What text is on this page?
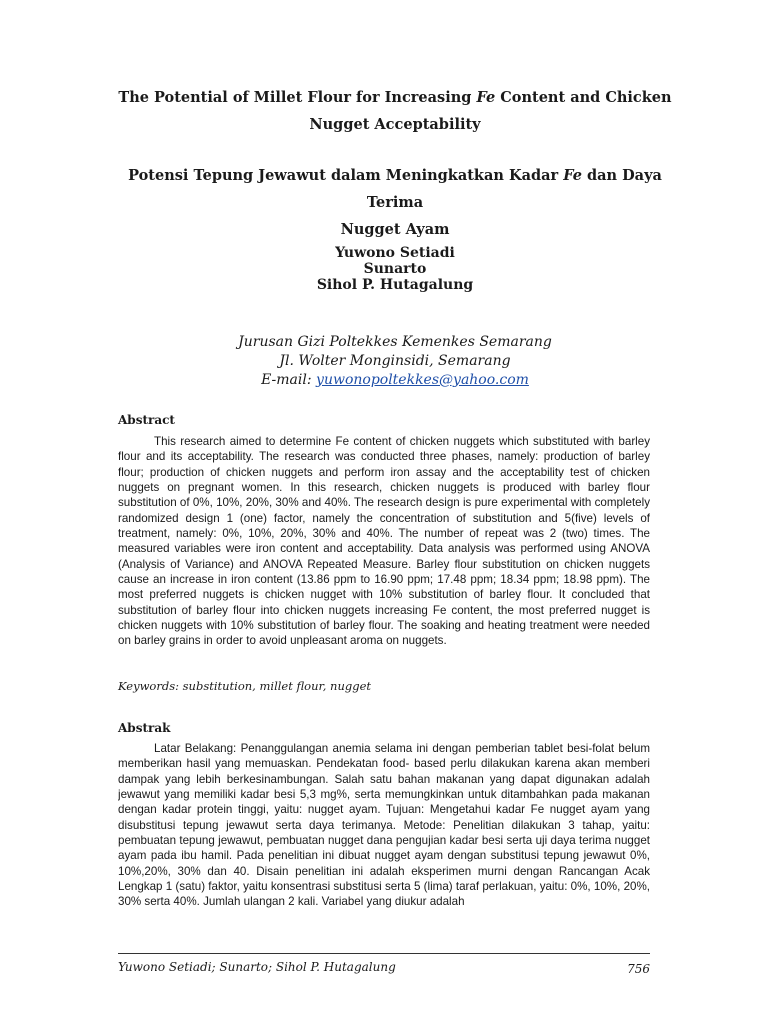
The Potential of Millet Flour for Increasing Fe Content and Chicken
Nugget Acceptability
Potensi Tepung Jewawut dalam Meningkatkan Kadar Fe dan Daya Terima
Nugget Ayam
Yuwono Setiadi
Sunarto
Sihol P. Hutagalung
Jurusan Gizi Poltekkes Kemenkes Semarang
Jl. Wolter Monginsidi, Semarang
E-mail: yuwonopoltekkes@yahoo.com
Abstract

This research aimed to determine Fe content of chicken nuggets which substituted with barley flour and its acceptability. The research was conducted three phases, namely: production of barley flour; production of chicken nuggets and perform iron assay and the acceptability test of chicken nuggets on pregnant women. In this research, chicken nuggets is produced with barley flour substitution of 0%, 10%, 20%, 30% and 40%. The research design is pure experimental with completely randomized design 1 (one) factor, namely the concentration of substitution and 5(five) levels of treatment, namely: 0%, 10%, 20%, 30% and 40%. The number of repeat was 2 (two) times. The measured variables were iron content and acceptability. Data analysis was performed using ANOVA (Analysis of Variance) and ANOVA Repeated Measure. Barley flour substitution on chicken nuggets cause an increase in iron content (13.86 ppm to 16.90 ppm; 17.48 ppm; 18.34 ppm; 18.98 ppm). The most preferred nuggets is chicken nugget with 10% substitution of barley flour. It concluded that substitution of barley flour into chicken nuggets increasing Fe content, the most preferred nugget is chicken nuggets with 10% substitution of barley flour. The soaking and heating treatment were needed on barley grains in order to avoid unpleasant aroma on nuggets.

Keywords: substitution, millet flour, nugget
Abstrak

Latar Belakang: Penanggulangan anemia selama ini dengan pemberian tablet besi-folat belum memberikan hasil yang memuaskan. Pendekatan food- based perlu dilakukan karena akan memberi dampak yang lebih berkesinambungan. Salah satu bahan makanan yang dapat digunakan adalah jewawut yang memiliki kadar besi 5,3 mg%, serta memungkinkan untuk ditambahkan pada makanan dengan kadar protein tinggi, yaitu: nugget ayam. Tujuan: Mengetahui kadar Fe nugget ayam yang disubstitusi tepung jewawut serta daya terimanya. Metode: Penelitian dilakukan 3 tahap, yaitu: pembuatan tepung jewawut, pembuatan nugget dana pengujian kadar besi serta uji daya terima nugget ayam pada ibu hamil. Pada penelitian ini dibuat nugget ayam dengan substitusi tepung jewawut 0%, 10%,20%, 30% dan 40. Disain penelitian ini adalah eksperimen murni dengan Rancangan Acak Lengkap 1 (satu) faktor, yaitu konsentrasi substitusi serta 5 (lima) taraf perlakuan, yaitu: 0%, 10%, 20%, 30% serta 40%. Jumlah ulangan 2 kali. Variabel yang diukur adalah

Yuwono Setiadi; Sunarto; Sihol P. Hutagalung	756
